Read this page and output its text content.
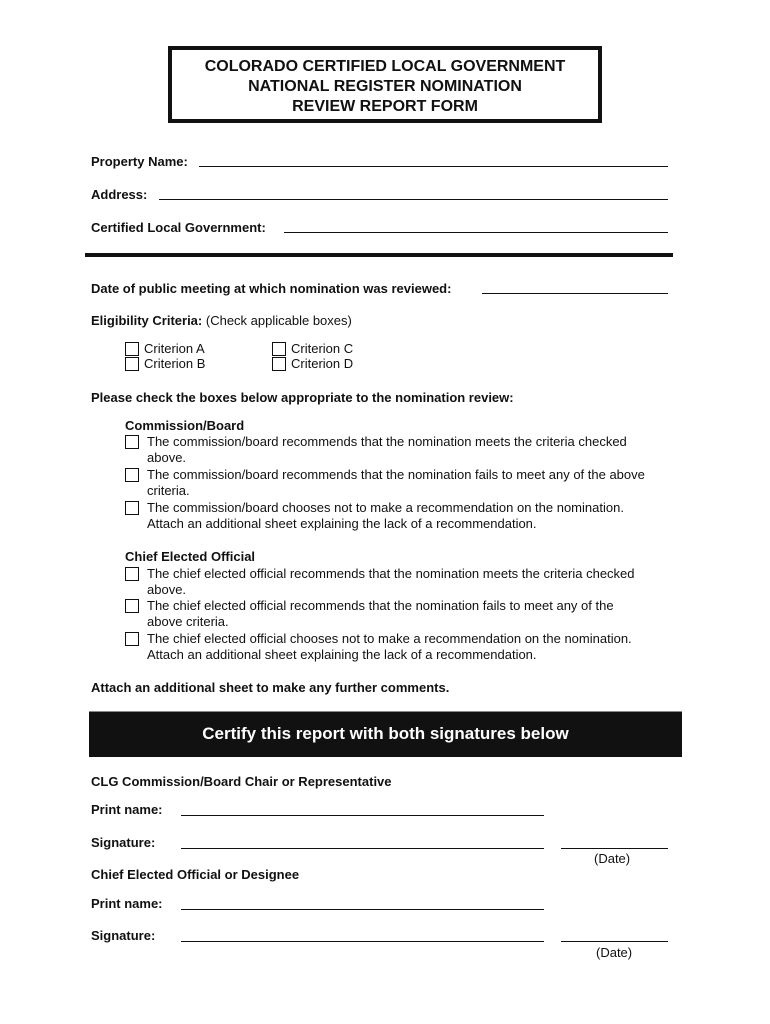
COLORADO CERTIFIED LOCAL GOVERNMENT
NATIONAL REGISTER NOMINATION
REVIEW REPORT FORM
Property Name:
Address:
Certified Local Government:
Date of public meeting at which nomination was reviewed:
Eligibility Criteria: (Check applicable boxes)
Criterion A
Criterion B
Criterion C
Criterion D
Please check the boxes below appropriate to the nomination review:
Commission/Board
The commission/board recommends that the nomination meets the criteria checked
above.
The commission/board recommends that the nomination fails to meet any of the above
criteria.
The commission/board chooses not to make a recommendation on the nomination.
Attach an additional sheet explaining the lack of a recommendation.
Chief Elected Official
The chief elected official recommends that the nomination meets the criteria checked
above.
The chief elected official recommends that the nomination fails to meet any of the
above criteria.
The chief elected official chooses not to make a recommendation on the nomination.
Attach an additional sheet explaining the lack of a recommendation.
Attach an additional sheet to make any further comments.
Certify this report with both signatures below
CLG Commission/Board Chair or Representative
Print name:
Signature:
(Date)
Chief Elected Official or Designee
Print name:
Signature:
(Date)
